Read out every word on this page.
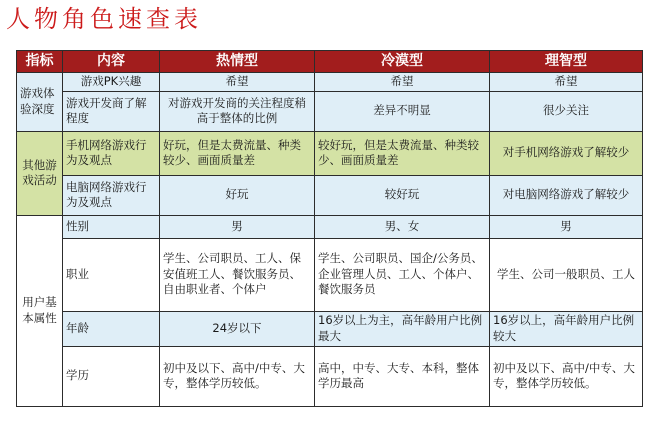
人物角色速查表
指标	内容	热情型	冷漠型	理智型
游戏体验深度	游戏PK兴趣	希望	希望	希望
	游戏开发商了解程度	对游戏开发商的关注程度稍高于整体的比例	差异不明显	很少关注
其他游戏活动	手机网络游戏行为及观点	好玩，但是太费流量、种类较少、画面质量差	较好玩，但是太费流量、种类较少、画面质量差	对手机网络游戏了解较少
	电脑网络游戏行为及观点	好玩	较好玩	对电脑网络游戏了解较少
用户基本属性	性别	男	男、女	男
	职业	学生、公司职员、工人、保安值班工人、餐饮服务员、自由职业者、个体户	学生、公司职员、国企/公务员、企业管理人员、工人、个体户、餐饮服务员	学生、公司一般职员、工人
	年龄	24岁以下	16岁以上为主，高年龄用户比例最大	16岁以上，高年龄用户比例较大
	学历	初中及以下、高中/中专、大专，整体学历较低。	高中，中专、大专、本科，整体学历最高	初中及以下、高中/中专、大专，整体学历较低。
